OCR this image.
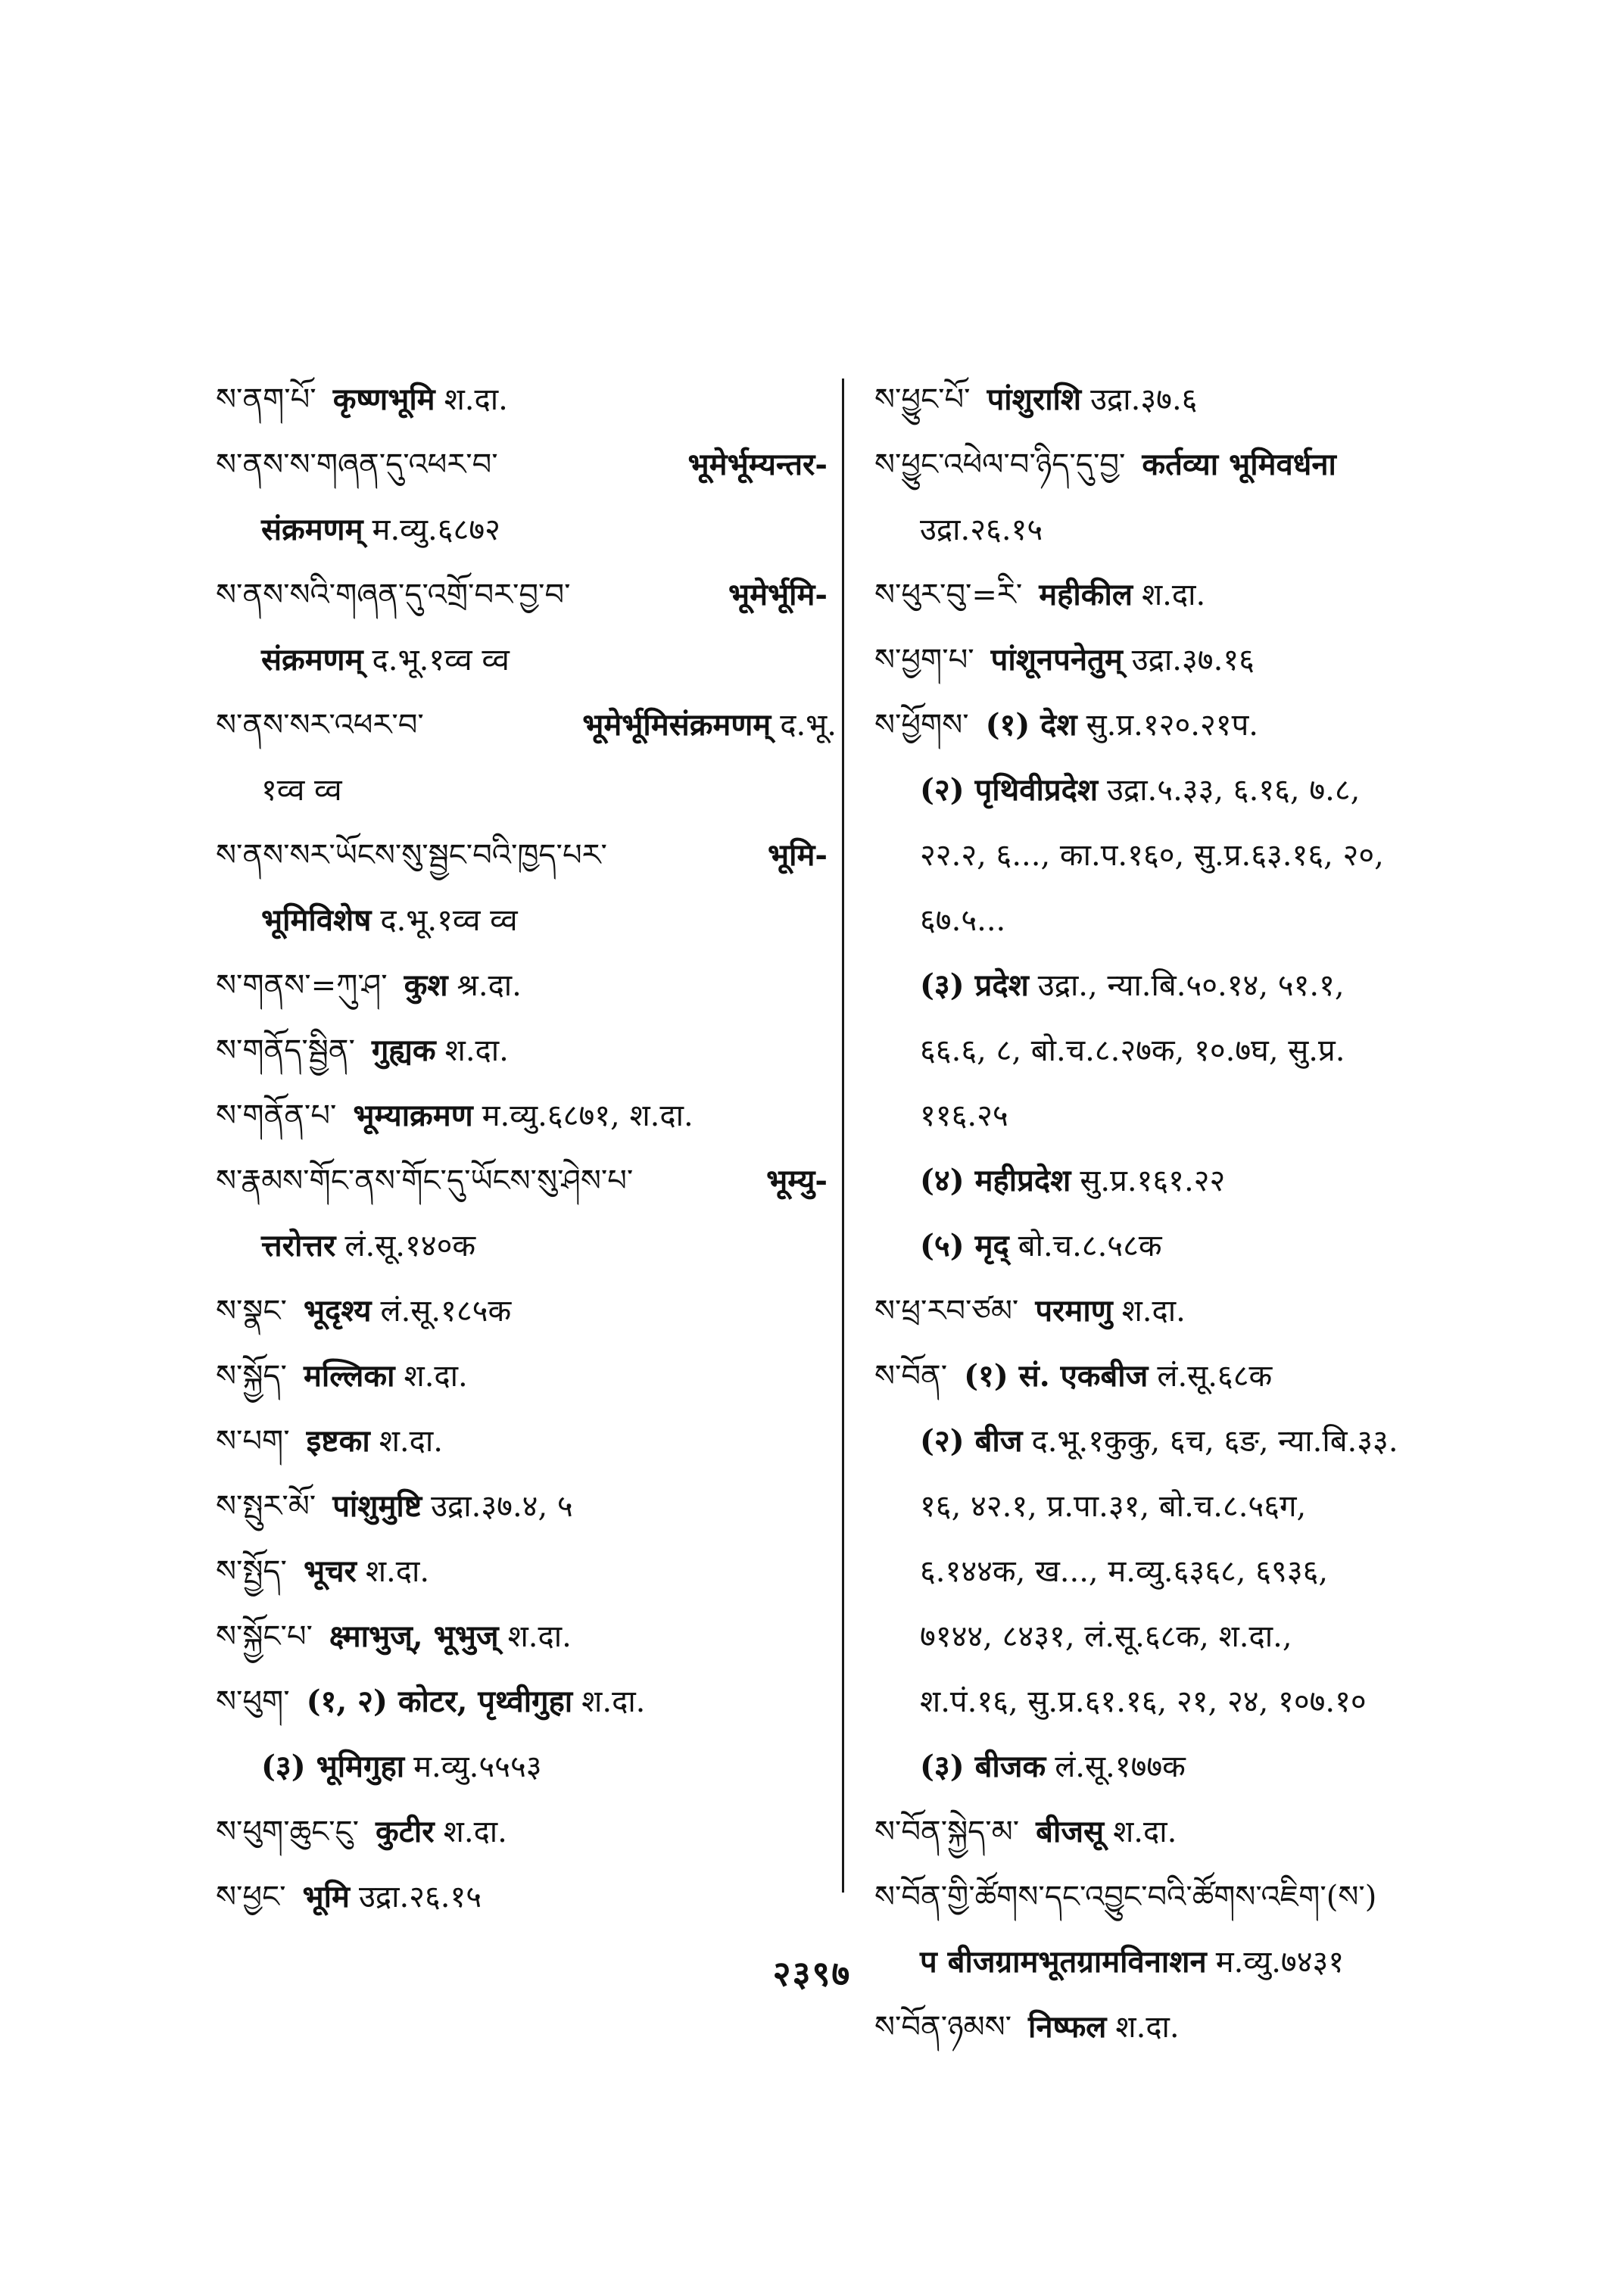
ས་ནག་པོ་ कृष्णभूमि श.दा.
ས་ནས་ས་གཞན་དུ་འཕར་བ་	भूमेर्भूम्यन्तर-
संक्रमणम् म.व्यु.६८७२
ས་ནས་སའི་གཞན་དུ་འགྲོ་བར་བྱ་བ་	भूमेर्भूमि-
संक्रमणम् द.भू.१व्व व्व
ས་ནས་སར་འཕར་བ་	भूमेर्भूमिसंक्रमणम् द.भू.
१व्व व्व
ས་ནས་སར་ཡོངས་སུ་སྦྱང་བའི་ཁྱད་པར་	भूमि-
भूमिविशेष द.भू.१व्व व्व
ས་གནས་=ཀུ་ཤ་ कुश श्र.दा.
ས་གནོད་སྦྱིན་ गुह्यक श.दा.
ས་གནོན་པ་ भूम्याक्रमण म.व्यु.६८७१, श.दा.
ས་རྣམས་གོང་ནས་གོང་དུ་ཡོངས་སུ་ཤེས་པ་	भूम्यु-
त्तरोत्तर लं.सू.१४०क
ས་སྣང་ भूदृश्य लं.सू.१८५क
ས་སྐྱོད་ मल्लिका श.दा.
ས་པག་ इष्टका श.दा.
ས་སྤུར་མོ་ पांशुमुष्टि उद्रा.३७.४, ५
ས་སྤྱོད་ भूचर श.दा.
ས་སྐྱོང་པ་ क्ष्माभुज्, भूभुज् श.दा.
ས་ཕུག་ (१, २) कोटर, पृथ्वीगुहा श.दा.
(३) भूमिगुहा म.व्यु.५५५३
ས་ཕུག་ཆུང་ངུ་ कुटीर श.दा.
ས་ཕྱང་ भूमि उद्रा.२६.१५
ས་ཕྱུང་པོ་ पांशुराशि उद्रा.३७.६
ས་ཕྱུང་འཕེལ་བ་ཉིད་དུ་བྱ་ कर्तव्या भूमिवर्धना
उद्रा.२६.१५
ས་ཕུར་བུ་=རི་ महीकील श.दा.
ས་ཕྱག་པ་ पांशूनपनेतुम् उद्रा.३७.१६
ས་ཕྱོགས་ (१) देश सु.प्र.१२०.२१प.
(२) पृथिवीप्रदेश उद्रा.५.३३, ६.१६, ७.८,
२२.२, ६..., का.प.१६०, सु.प्र.६३.१६, २०,
६७.५...
(३) प्रदेश उद्रा., न्या.बि.५०.१४, ५१.१,
६६.६, ८, बो.च.८.२७क, १०.७घ, सु.प्र.
११६.२५
(४) महीप्रदेश सु.प्र.१६१.२२
(५) मृद् बो.च.८.५८क
ས་ཕྲ་རབ་ཙམ་ परमाणु श.दा.
ས་བོན་ (१) सं. एकबीज लं.सू.६८क
(२) बीज द.भू.१कुकु, ६च, ६ङ, न्या.बि.३३.
१६, ४२.१, प्र.पा.३१, बो.च.८.५६ग,
६.१४४क, ख..., म.व्यु.६३६८, ६९३६,
७१४४, ८४३१, लं.सू.६८क, श.दा.,
श.पं.१६, सु.प्र.६१.१६, २१, २४, १०७.१०
(३) बीजक लं.सू.१७७क
ས་བོན་སྐྱེད་མ་ बीजसू श.दा.
ས་བོན་གྱི་ཚོགས་དང་འབྱུང་བའི་ཚོགས་འཇིག་(ས་)
प बीजग्रामभूतग्रामविनाशन म.व्यु.७४३१
ས་བོན་ཉམས་ निष्फल श.दा.
२३९७
